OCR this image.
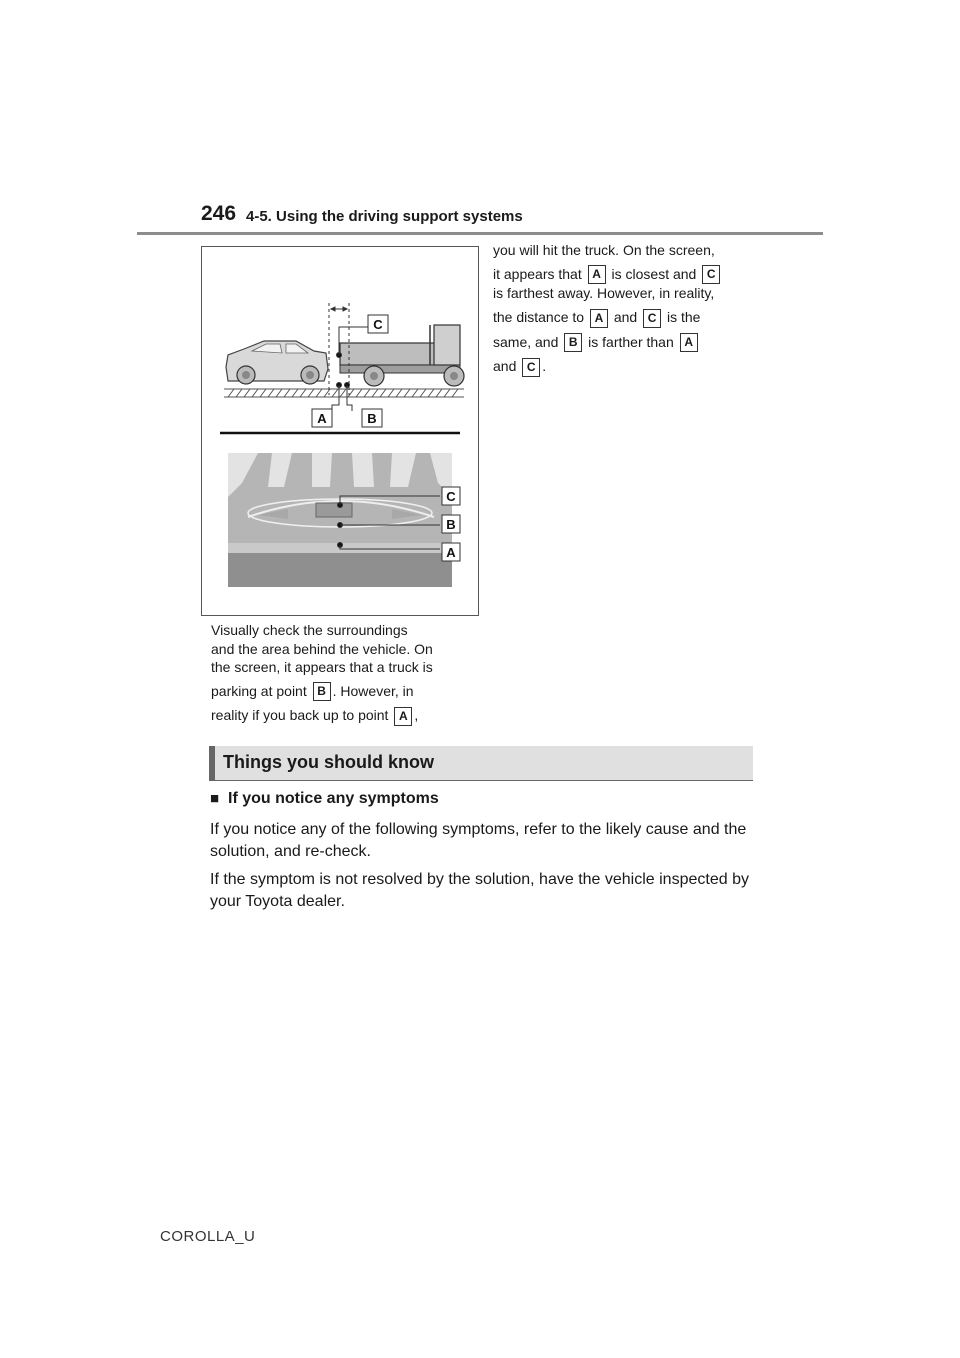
246 4-5. Using the driving support systems
C
A	B
C
B
A
Visually check the surroundings
and the area behind the vehicle. On
the screen, it appears that a truck is
parking at point B . However, in
reality if you back up to point A ,
you will hit the truck. On the screen,
it appears that A is closest and C
is farthest away. However, in reality,
the distance to A and C is the
same, and B is farther than A
and C .
Things you should know
■ If you notice any symptoms
If you notice any of the following symptoms, refer to the likely cause and the solution, and re-check.
If the symptom is not resolved by the solution, have the vehicle inspected by your Toyota dealer.
COROLLA_U
